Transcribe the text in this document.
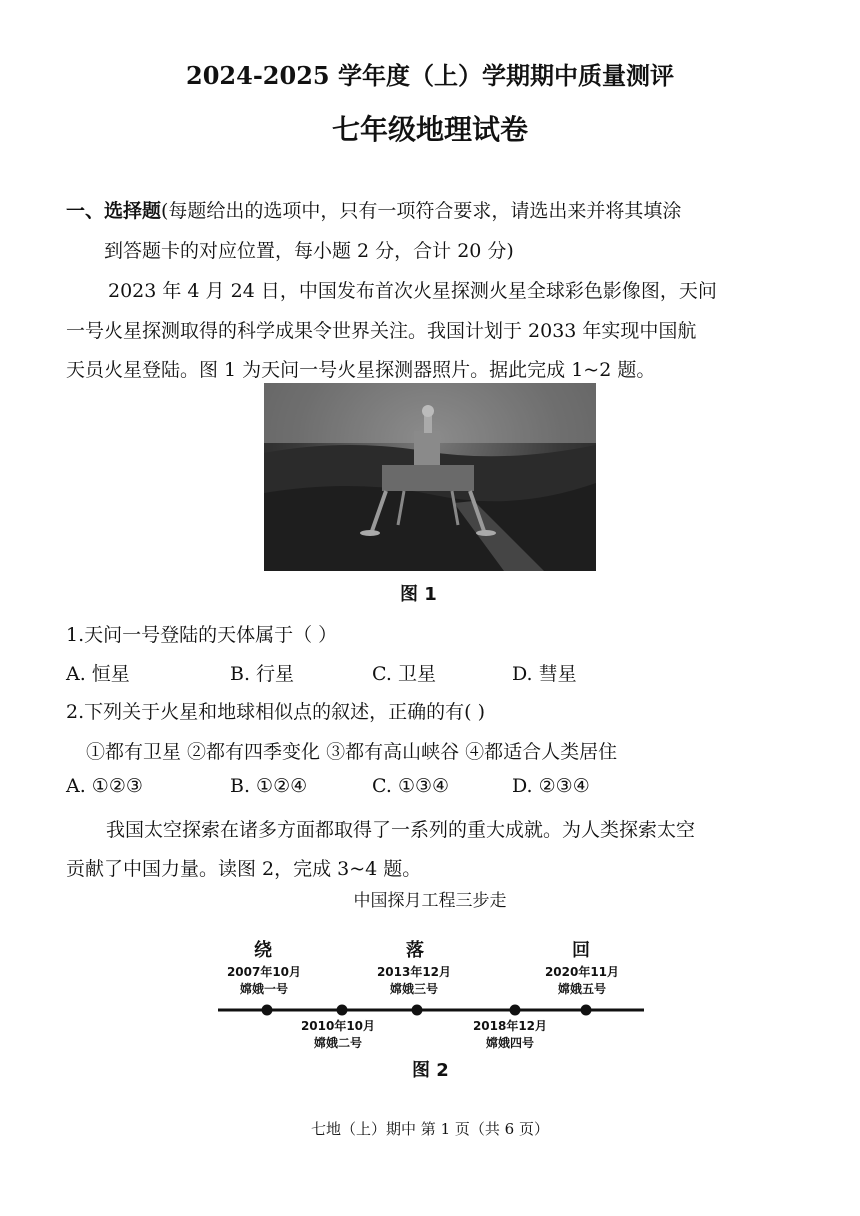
2024-2025 学年度（上）学期期中质量测评
七年级地理试卷
一、选择题(每题给出的选项中，只有一项符合要求，请选出来并将其填涂
到答题卡的对应位置，每小题 2 分，合计 20 分)
2023 年 4 月 24 日，中国发布首次火星探测火星全球彩色影像图，天问
一号火星探测取得的科学成果令世界关注。我国计划于 2033 年实现中国航
天员火星登陆。图 1 为天问一号火星探测器照片。据此完成 1~2 题。
图 1
1.天问一号登陆的天体属于（ ）
A. 恒星	B. 行星	C. 卫星	D. 彗星
2.下列关于火星和地球相似点的叙述，正确的有( )
①都有卫星 ②都有四季变化 ③都有高山峡谷 ④都适合人类居住
A. ①②③	B. ①②④	C. ①③④	D. ②③④
我国太空探索在诸多方面都取得了一系列的重大成就。为人类探索太空
贡献了中国力量。读图 2，完成 3~4 题。
中国探月工程三步走
绕	落	回
2007年10月
嫦娥一号
2013年12月
嫦娥三号
2020年11月
嫦娥五号
2010年10月
嫦娥二号
2018年12月
嫦娥四号
图 2
七地（上）期中 第 1 页（共 6 页）
